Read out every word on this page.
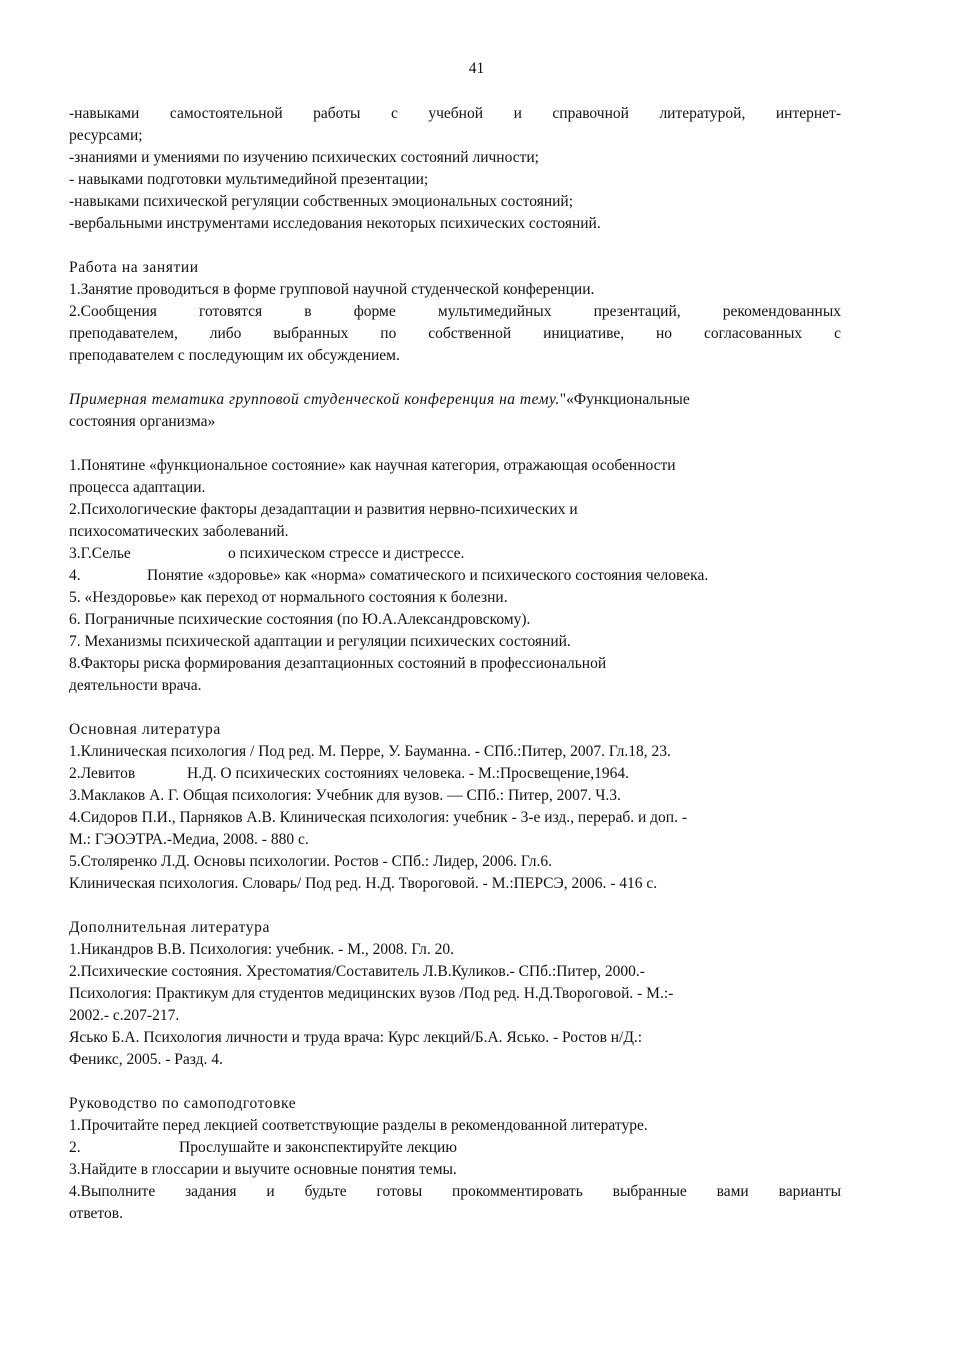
41
-навыками самостоятельной работы с учебной и справочной литературой, интернет-
ресурсами;
-знаниями и умениями по изучению психических состояний личности;
- навыками подготовки мультимедийной презентации;
-навыками психической регуляции собственных эмоциональных состояний;
-вербальными инструментами исследования некоторых психических состояний.
Работа на занятии
1.Занятие проводиться в форме групповой научной студенческой конференции.
2.Сообщения готовятся в форме мультимедийных презентаций, рекомендованных
преподавателем, либо выбранных по собственной инициативе, но согласованных с
преподавателем с последующим их обсуждением.
Примерная тематика групповой студенческой конференция на тему."«Функциональные
состояния организма»
1.Понятине «функциональное состояние» как научная категория, отражающая особенности
процесса адаптации.
2.Психологические факторы дезадаптации и развития нервно-психических и
психосоматических заболеваний.
3.Г.Селье	о психическом стрессе и дистрессе.
4.	Понятие «здоровье» как «норма» соматического и психического состояния человека.
5. «Нездоровье» как переход от нормального состояния к болезни.
6. Пограничные психические состояния (по Ю.А.Александровскому).
7. Механизмы психической адаптации и регуляции психических состояний.
8.Факторы риска формирования дезаптационных состояний в профессиональной
деятельности врача.
Основная литература
1.Клиническая психология / Под ред. М. Перре, У. Бауманна. - СПб.:Питер, 2007. Гл.18, 23.
2.Левитов	Н.Д. О психических состояниях человека. - М.:Просвещение,1964.
3.Маклаков А. Г. Общая психология: Учебник для вузов. — СПб.: Питер, 2007. Ч.3.
4.Сидоров П.И., Парняков А.В. Клиническая психология: учебник - 3-е изд., перераб. и доп. -
М.: ГЭОЭТРА.-Медиа, 2008. - 880 с.
5.Столяренко Л.Д. Основы психологии. Ростов - СПб.: Лидер, 2006. Гл.6.
Клиническая психология. Словарь/ Под ред. Н.Д. Твороговой. - М.:ПЕРСЭ, 2006. - 416 с.
Дополнительная литература
1.Никандров В.В. Психология: учебник. - М., 2008. Гл. 20.
2.Психические состояния. Хрестоматия/Составитель Л.В.Куликов.- СПб.:Питер, 2000.-
Психология: Практикум для студентов медицинских вузов /Под ред. Н.Д.Твороговой. - М.:-
2002.- с.207-217.
Ясько Б.А. Психология личности и труда врача: Курс лекций/Б.А. Ясько. - Ростов н/Д.:
Феникс, 2005. - Разд. 4.
Руководство по самоподготовке
1.Прочитайте перед лекцией соответствующие разделы в рекомендованной литературе.
2.	Прослушайте и законспектируйте лекцию
3.Найдите в глоссарии и выучите основные понятия темы.
4.Выполните задания и будьте готовы прокомментировать выбранные вами варианты
ответов.
